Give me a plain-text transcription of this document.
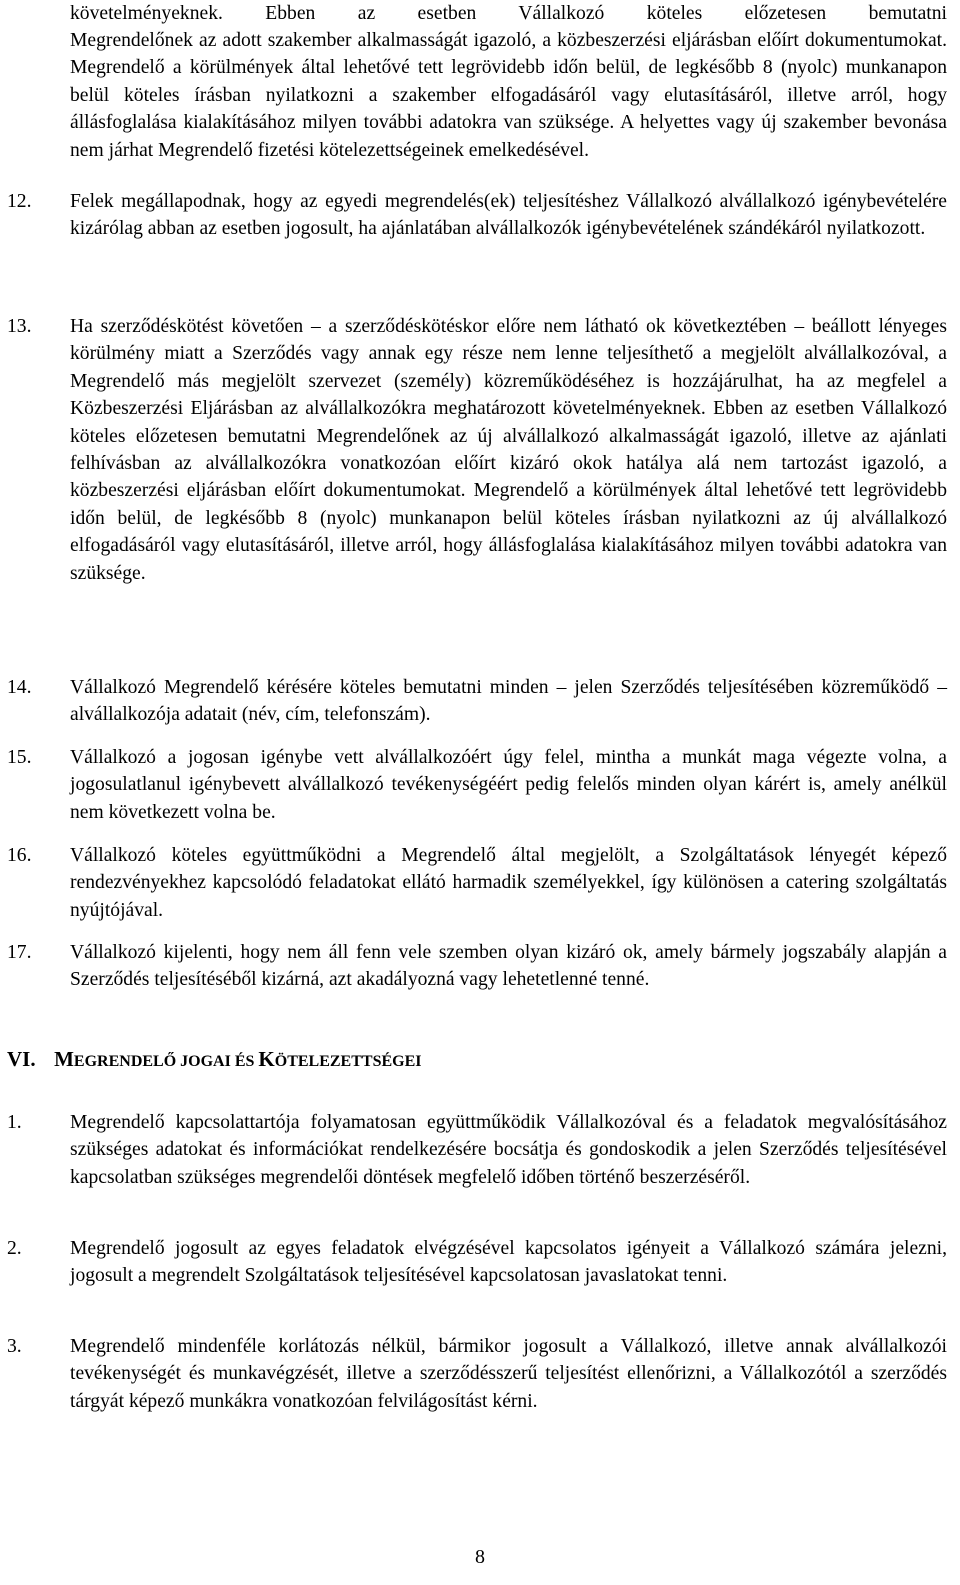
követelményeknek. Ebben az esetben Vállalkozó köteles előzetesen bemutatni

Megrendelőnek az adott szakember alkalmasságát igazoló, a közbeszerzési eljárásban előírt dokumentumokat. Megrendelő a körülmények által lehetővé tett legrövidebb időn belül, de legkésőbb 8 (nyolc) munkanapon belül köteles írásban nyilatkozni a szakember elfogadásáról vagy elutasításáról, illetve arról, hogy állásfoglalása kialakításához milyen további adatokra van szüksége. A helyettes vagy új szakember bevonása nem járhat Megrendelő fizetési kötelezettségeinek emelkedésével.

12. Felek megállapodnak, hogy az egyedi megrendelés(ek) teljesítéshez Vállalkozó alvállalkozó igénybevételére kizárólag abban az esetben jogosult, ha ajánlatában alvállalkozók igénybevételének szándékáról nyilatkozott.
13. Ha szerződéskötést követően – a szerződéskötéskor előre nem látható ok következtében – beállott lényeges körülmény miatt a Szerződés vagy annak egy része nem lenne teljesíthető a megjelölt alvállalkozóval, a Megrendelő más megjelölt szervezet (személy) közreműködéséhez is hozzájárulhat, ha az megfelel a Közbeszerzési Eljárásban az alvállalkozókra meghatározott követelményeknek. Ebben az esetben Vállalkozó köteles előzetesen bemutatni Megrendelőnek az új alvállalkozó alkalmasságát igazoló, illetve az ajánlati felhívásban az alvállalkozókra vonatkozóan előírt kizáró okok hatálya alá nem tartozást igazoló, a közbeszerzési eljárásban előírt dokumentumokat. Megrendelő a körülmények által lehetővé tett legrövidebb időn belül, de legkésőbb 8 (nyolc) munkanapon belül köteles írásban nyilatkozni az új alvállalkozó elfogadásáról vagy elutasításáról, illetve arról, hogy állásfoglalása kialakításához milyen további adatokra van szüksége.
14. Vállalkozó Megrendelő kérésére köteles bemutatni minden – jelen Szerződés teljesítésében közreműködő – alvállalkozója adatait (név, cím, telefonszám).
15. Vállalkozó a jogosan igénybe vett alvállalkozóért úgy felel, mintha a munkát maga végezte volna, a jogosulatlanul igénybevett alvállalkozó tevékenységéért pedig felelős minden olyan kárért is, amely anélkül nem következett volna be.
16. Vállalkozó köteles együttműködni a Megrendelő által megjelölt, a Szolgáltatások lényegét képező rendezvényekhez kapcsolódó feladatokat ellátó harmadik személyekkel, így különösen a catering szolgáltatás nyújtójával.
17. Vállalkozó kijelenti, hogy nem áll fenn vele szemben olyan kizáró ok, amely bármely jogszabály alapján a Szerződés teljesítéséből kizárná, azt akadályozná vagy lehetetlenné tenné.

VI. MEGRENDELŐ JOGAI ÉS KÖTELEZETTSÉGEI

1. Megrendelő kapcsolattartója folyamatosan együttműködik Vállalkozóval és a feladatok megvalósításához szükséges adatokat és információkat rendelkezésére bocsátja és gondoskodik a jelen Szerződés teljesítésével kapcsolatban szükséges megrendelői döntések megfelelő időben történő beszerzéséről.
2. Megrendelő jogosult az egyes feladatok elvégzésével kapcsolatos igényeit a Vállalkozó számára jelezni, jogosult a megrendelt Szolgáltatások teljesítésével kapcsolatosan javaslatokat tenni.
3. Megrendelő mindenféle korlátozás nélkül, bármikor jogosult a Vállalkozó, illetve annak alvállalkozói tevékenységét és munkavégzését, illetve a szerződésszerű teljesítést ellenőrizni, a Vállalkozótól a szerződés tárgyát képező munkákra vonatkozóan felvilágosítást kérni.
8
